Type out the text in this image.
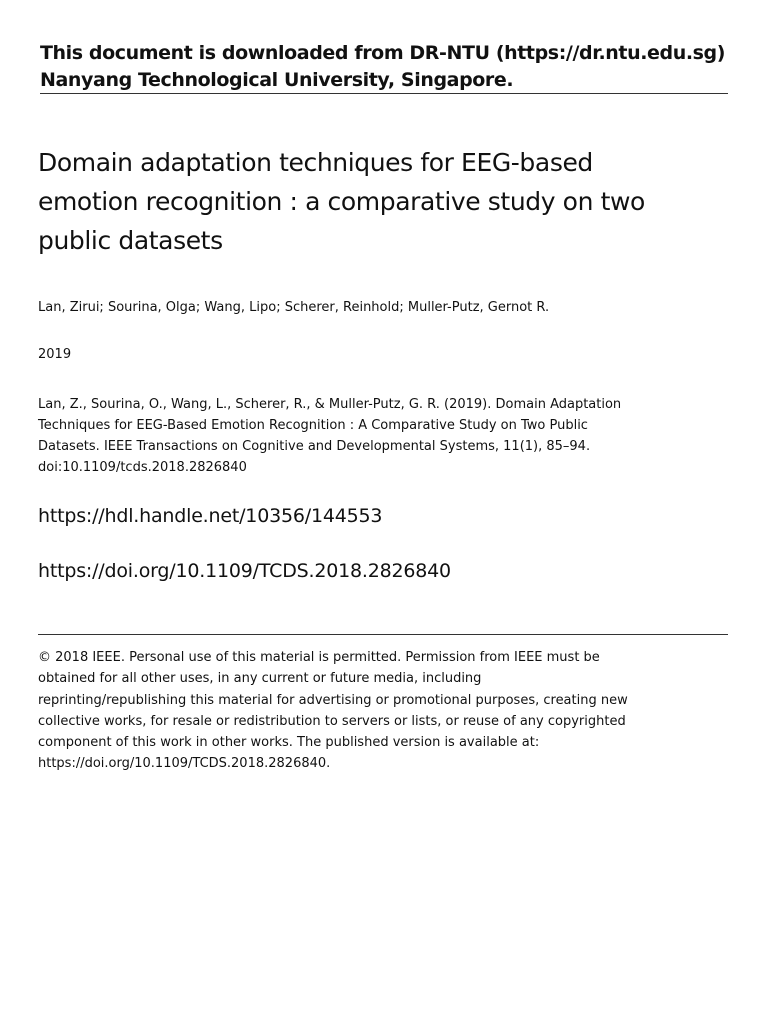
This document is downloaded from DR-NTU (https://dr.ntu.edu.sg)
Nanyang Technological University, Singapore.
Domain adaptation techniques for EEG-based
emotion recognition : a comparative study on two
public datasets
Lan, Zirui; Sourina, Olga; Wang, Lipo; Scherer, Reinhold; Muller-Putz, Gernot R.
2019
Lan, Z., Sourina, O., Wang, L., Scherer, R., & Muller-Putz, G. R. (2019). Domain Adaptation
Techniques for EEG-Based Emotion Recognition : A Comparative Study on Two Public
Datasets. IEEE Transactions on Cognitive and Developmental Systems, 11(1), 85–94.
doi:10.1109/tcds.2018.2826840
https://hdl.handle.net/10356/144553
https://doi.org/10.1109/TCDS.2018.2826840
© 2018 IEEE. Personal use of this material is permitted. Permission from IEEE must be
obtained for all other uses, in any current or future media, including
reprinting/republishing this material for advertising or promotional purposes, creating new
collective works, for resale or redistribution to servers or lists, or reuse of any copyrighted
component of this work in other works. The published version is available at:
https://doi.org/10.1109/TCDS.2018.2826840.
